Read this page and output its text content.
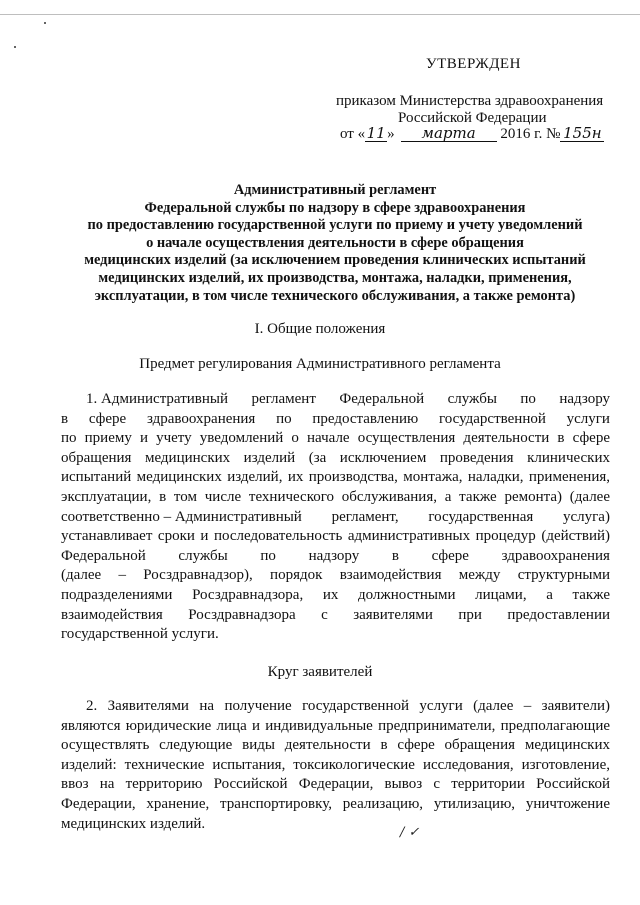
УТВЕРЖДЕН
приказом Министерства здравоохранения
Российской Федерации
от «11» марта 2016 г. № 155н
Административный регламент
Федеральной службы по надзору в сфере здравоохранения
по предоставлению государственной услуги по приему и учету уведомлений
о начале осуществления деятельности в сфере обращения
медицинских изделий (за исключением проведения клинических испытаний
медицинских изделий, их производства, монтажа, наладки, применения,
эксплуатации, в том числе технического обслуживания, а также ремонта)
I. Общие положения
Предмет регулирования Административного регламента
1. Административный регламент Федеральной службы по надзору
в сфере здравоохранения по предоставлению государственной услуги
по приему и учету уведомлений о начале осуществления деятельности в сфере
обращения медицинских изделий (за исключением проведения клинических
испытаний медицинских изделий, их производства, монтажа, наладки, применения,
эксплуатации, в том числе технического обслуживания, а также ремонта) (далее
соответственно – Административный регламент, государственная услуга)
устанавливает сроки и последовательность административных процедур (действий)
Федеральной службы по надзору в сфере здравоохранения
(далее – Росздравнадзор), порядок взаимодействия между структурными
подразделениями Росздравнадзора, их должностными лицами, а также
взаимодействия Росздравнадзора с заявителями при предоставлении
государственной услуги.
Круг заявителей
2. Заявителями на получение государственной услуги (далее – заявители)
являются юридические лица и индивидуальные предприниматели, предполагающие
осуществлять следующие виды деятельности в сфере обращения медицинских
изделий: технические испытания, токсикологические исследования, изготовление,
ввоз на территорию Российской Федерации, вывоз с территории Российской
Федерации, хранение, транспортировку, реализацию, утилизацию, уничтожение
медицинских изделий.
/ ✓
